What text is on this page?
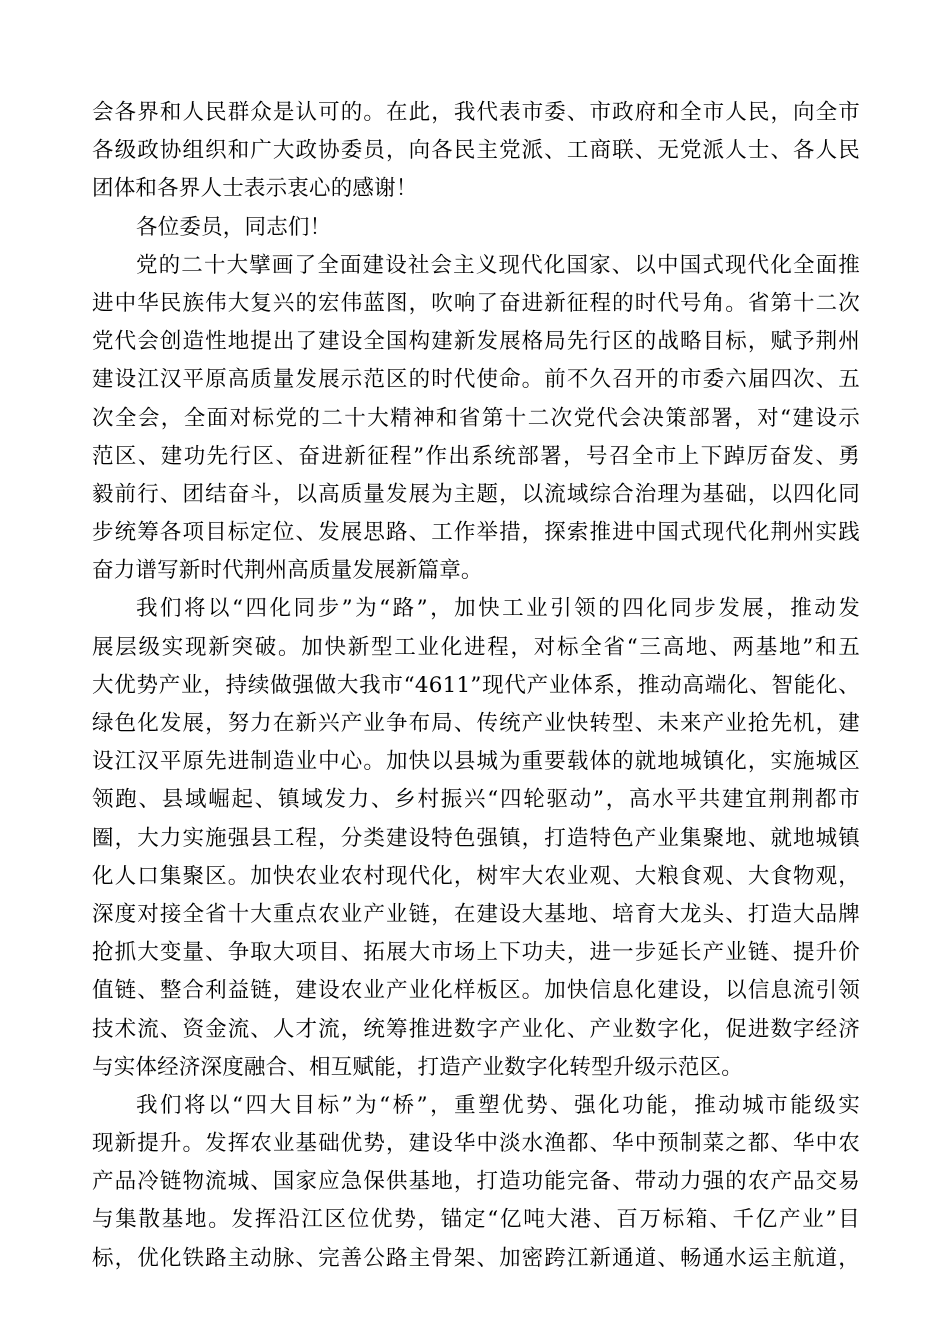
会各界和人民群众是认可的。在此，我代表市委、市政府和全市人民，向全市
各级政协组织和广大政协委员，向各民主党派、工商联、无党派人士、各人民
团体和各界人士表示衷心的感谢！
各位委员，同志们！
党的二十大擘画了全面建设社会主义现代化国家、以中国式现代化全面推
进中华民族伟大复兴的宏伟蓝图，吹响了奋进新征程的时代号角。省第十二次
党代会创造性地提出了建设全国构建新发展格局先行区的战略目标，赋予荆州
建设江汉平原高质量发展示范区的时代使命。前不久召开的市委六届四次、五
次全会，全面对标党的二十大精神和省第十二次党代会决策部署，对“建设示
范区、建功先行区、奋进新征程”作出系统部署，号召全市上下踔厉奋发、勇
毅前行、团结奋斗，以高质量发展为主题，以流域综合治理为基础，以四化同
步统筹各项目标定位、发展思路、工作举措，探索推进中国式现代化荆州实践
奋力谱写新时代荆州高质量发展新篇章。
我们将以“四化同步”为“路”，加快工业引领的四化同步发展，推动发
展层级实现新突破。加快新型工业化进程，对标全省“三高地、两基地”和五
大优势产业，持续做强做大我市“4611”现代产业体系，推动高端化、智能化、
绿色化发展，努力在新兴产业争布局、传统产业快转型、未来产业抢先机，建
设江汉平原先进制造业中心。加快以县城为重要载体的就地城镇化，实施城区
领跑、县域崛起、镇域发力、乡村振兴“四轮驱动”，高水平共建宜荆荆都市
圈，大力实施强县工程，分类建设特色强镇，打造特色产业集聚地、就地城镇
化人口集聚区。加快农业农村现代化，树牢大农业观、大粮食观、大食物观，
深度对接全省十大重点农业产业链，在建设大基地、培育大龙头、打造大品牌
抢抓大变量、争取大项目、拓展大市场上下功夫，进一步延长产业链、提升价
值链、整合利益链，建设农业产业化样板区。加快信息化建设，以信息流引领
技术流、资金流、人才流，统筹推进数字产业化、产业数字化，促进数字经济
与实体经济深度融合、相互赋能，打造产业数字化转型升级示范区。
我们将以“四大目标”为“桥”，重塑优势、强化功能，推动城市能级实
现新提升。发挥农业基础优势，建设华中淡水渔都、华中预制菜之都、华中农
产品冷链物流城、国家应急保供基地，打造功能完备、带动力强的农产品交易
与集散基地。发挥沿江区位优势，锚定“亿吨大港、百万标箱、千亿产业”目
标，优化铁路主动脉、完善公路主骨架、加密跨江新通道、畅通水运主航道，
